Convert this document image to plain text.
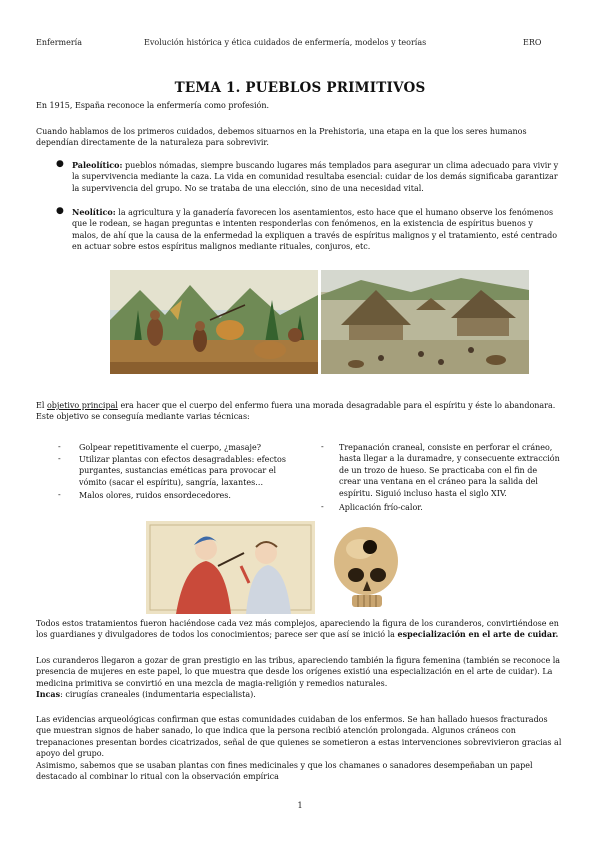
Enfermería	Evolución histórica y ética cuidados de enfermería, modelos y teorías	ERO
TEMA 1. PUEBLOS PRIMITIVOS

En 1915, España reconoce la enfermería como profesión.

Cuando hablamos de los primeros cuidados, debemos situarnos en la Prehistoria, una etapa en la que los seres humanos dependían directamente de la naturaleza para sobrevivir.

● Paleolítico: pueblos nómadas, siempre buscando lugares más templados para asegurar un clima adecuado para vivir y la supervivencia mediante la caza. La vida en comunidad resultaba esencial: cuidar de los demás significaba garantizar la supervivencia del grupo. No se trataba de una elección, sino de una necesidad vital.

● Neolítico: la agricultura y la ganadería favorecen los asentamientos, esto hace que el humano observe los fenómenos que le rodean, se hagan preguntas e intenten responderlas con fenómenos, en la existencia de espíritus buenos y malos, de ahí que la causa de la enfermedad la expliquen a través de espíritus malignos y el tratamiento, esté centrado en actuar sobre estos espíritus malignos mediante rituales, conjuros, etc.

El objetivo principal era hacer que el cuerpo del enfermo fuera una morada desagradable para el espíritu y éste lo abandonara. Este objetivo se conseguía mediante varias técnicas:

- Golpear repetitivamente el cuerpo, ¿masaje?

- Utilizar plantas con efectos desagradables: efectos purgantes, sustancias eméticas para provocar el vómito (sacar el espíritu), sangría, laxantes…

- Malos olores, ruidos ensordecedores.

- Trepanación craneal, consiste en perforar el cráneo, hasta llegar a la duramadre, y consecuente extracción de un trozo de hueso. Se practicaba con el fin de crear una ventana en el cráneo para la salida del espíritu. Siguió incluso hasta el siglo XIV.

- Aplicación frío-calor.

Todos estos tratamientos fueron haciéndose cada vez más complejos, apareciendo la figura de los curanderos, convirtiéndose en los guardianes y divulgadores de todos los conocimientos; parece ser que así se inició la especialización en el arte de cuidar.

Los curanderos llegaron a gozar de gran prestigio en las tribus, apareciendo también la figura femenina (también se reconoce la presencia de mujeres en este papel, lo que muestra que desde los orígenes existió una especialización en el arte de cuidar). La medicina primitiva se convirtió en una mezcla de magia-religión y remedios naturales.

Incas: cirugías craneales (indumentaria especialista).

Las evidencias arqueológicas confirman que estas comunidades cuidaban de los enfermos. Se han hallado huesos fracturados que muestran signos de haber sanado, lo que indica que la persona recibió atención prolongada. Algunos cráneos con trepanaciones presentan bordes cicatrizados, señal de que quienes se sometieron a estas intervenciones sobrevivieron gracias al apoyo del grupo.

Asimismo, sabemos que se usaban plantas con fines medicinales y que los chamanes o sanadores desempeñaban un papel destacado al combinar lo ritual con la observación empírica

1
